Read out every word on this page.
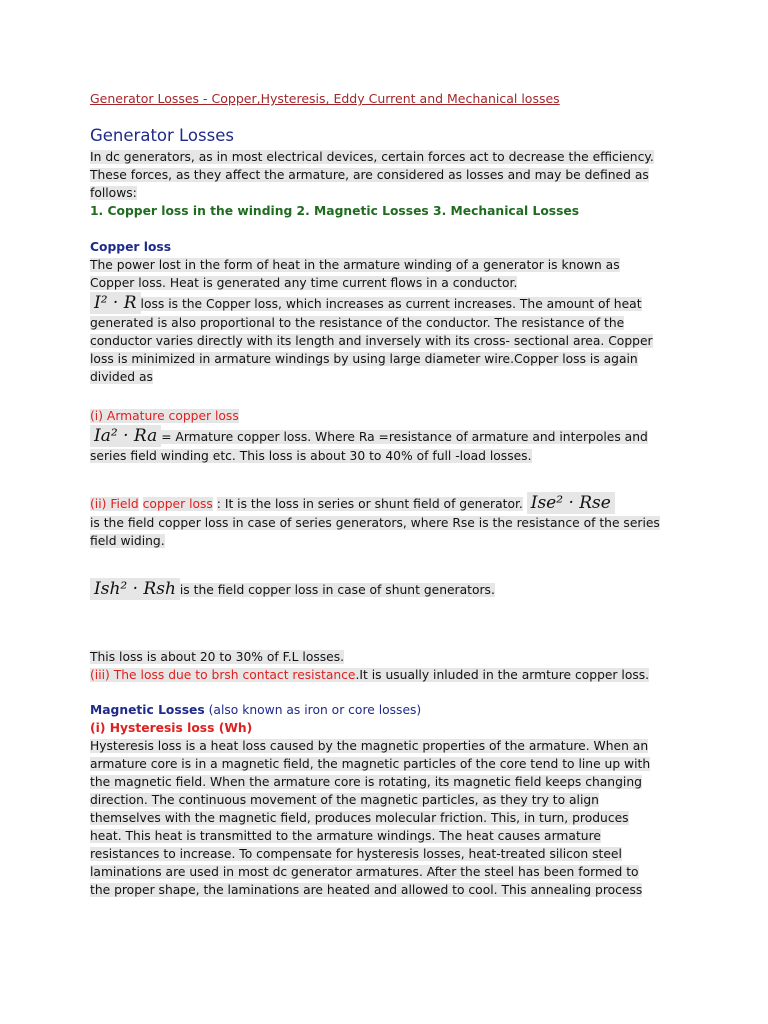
Generator Losses - Copper,Hysteresis, Eddy Current and Mechanical losses
Generator Losses
In dc generators, as in most electrical devices, certain forces act to decrease the efficiency.
These forces, as they affect the armature, are considered as losses and may be defined as
follows:
1. Copper loss in the winding 2. Magnetic Losses 3. Mechanical Losses
Copper loss
The power lost in the form of heat in the armature winding of a generator is known as
Copper loss. Heat is generated any time current flows in a conductor.
I² · R loss is the Copper loss, which increases as current increases. The amount of heat
generated is also proportional to the resistance of the conductor. The resistance of the
conductor varies directly with its length and inversely with its cross- sectional area. Copper
loss is minimized in armature windings by using large diameter wire.Copper loss is again
divided as
(i) Armature copper loss
Ia² · Ra = Armature copper loss. Where Ra =resistance of armature and interpoles and
series field winding etc. This loss is about 30 to 40% of full -load losses.
(ii) Field copper loss : It is the loss in series or shunt field of generator. Ise² · Rse
is the field copper loss in case of series generators, where Rse is the resistance of the series
field widing.
Ish² · Rsh is the field copper loss in case of shunt generators.
This loss is about 20 to 30% of F.L losses.
(iii) The loss due to brsh contact resistance.It is usually inluded in the armture copper loss.
Magnetic Losses (also known as iron or core losses)
(i) Hysteresis loss (Wh)
Hysteresis loss is a heat loss caused by the magnetic properties of the armature. When an
armature core is in a magnetic field, the magnetic particles of the core tend to line up with
the magnetic field. When the armature core is rotating, its magnetic field keeps changing
direction. The continuous movement of the magnetic particles, as they try to align
themselves with the magnetic field, produces molecular friction. This, in turn, produces
heat. This heat is transmitted to the armature windings. The heat causes armature
resistances to increase. To compensate for hysteresis losses, heat-treated silicon steel
laminations are used in most dc generator armatures. After the steel has been formed to
the proper shape, the laminations are heated and allowed to cool. This annealing process
